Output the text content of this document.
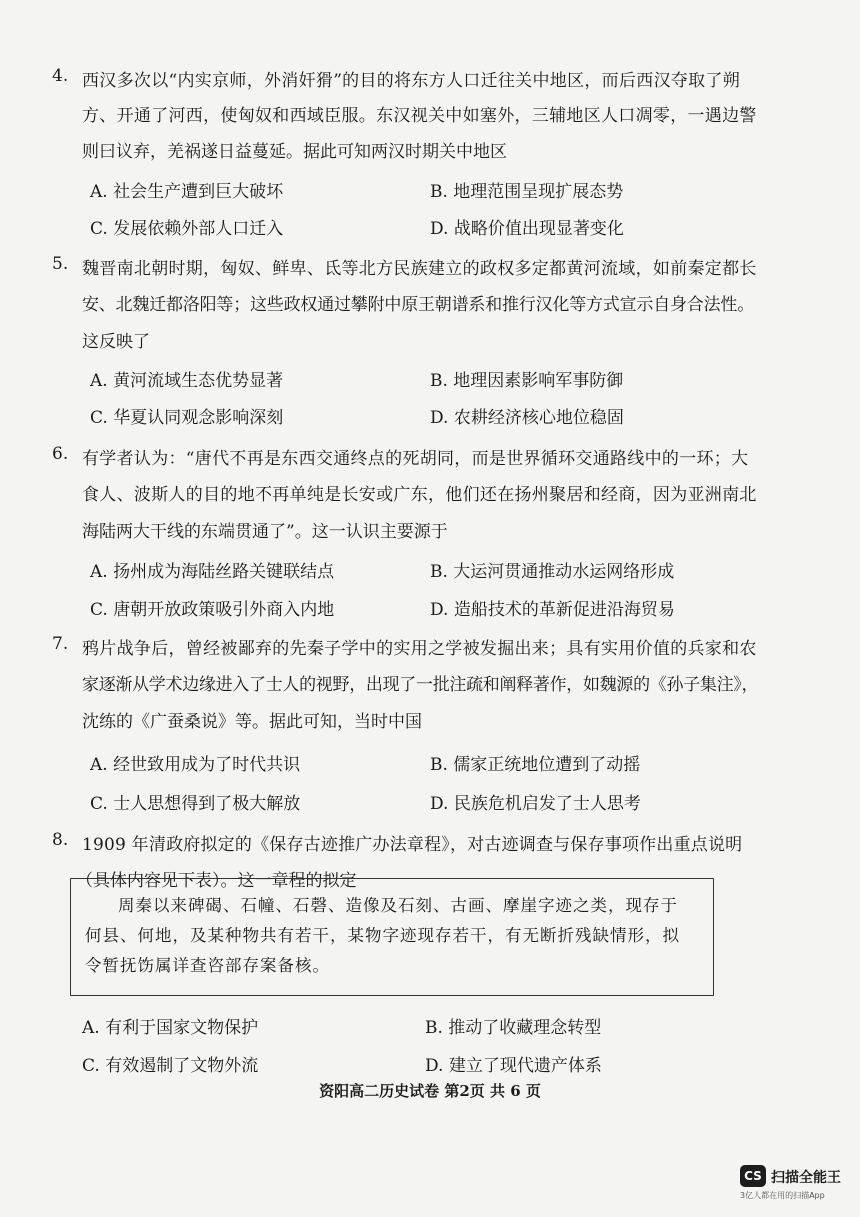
4. 西汉多次以“内实京师，外消奸猾”的目的将东方人口迁往关中地区，而后西汉夺取了朔
方、开通了河西，使匈奴和西域臣服。东汉视关中如塞外，三辅地区人口凋零，一遇边警
则曰议弃，羌祸遂日益蔓延。据此可知两汉时期关中地区
A. 社会生产遭到巨大破坏	B. 地理范围呈现扩展态势
C. 发展依赖外部人口迁入	D. 战略价值出现显著变化
5. 魏晋南北朝时期，匈奴、鲜卑、氐等北方民族建立的政权多定都黄河流域，如前秦定都长
安、北魏迁都洛阳等；这些政权通过攀附中原王朝谱系和推行汉化等方式宣示自身合法性。
这反映了
A. 黄河流域生态优势显著	B. 地理因素影响军事防御
C. 华夏认同观念影响深刻	D. 农耕经济核心地位稳固
6. 有学者认为：“唐代不再是东西交通终点的死胡同，而是世界循环交通路线中的一环；大
食人、波斯人的目的地不再单纯是长安或广东，他们还在扬州聚居和经商，因为亚洲南北
海陆两大干线的东端贯通了”。这一认识主要源于
A. 扬州成为海陆丝路关键联结点	B. 大运河贯通推动水运网络形成
C. 唐朝开放政策吸引外商入内地	D. 造船技术的革新促进沿海贸易
7. 鸦片战争后，曾经被鄙弃的先秦子学中的实用之学被发掘出来；具有实用价值的兵家和农
家逐渐从学术边缘进入了士人的视野，出现了一批注疏和阐释著作，如魏源的《孙子集注》，
沈练的《广蚕桑说》等。据此可知，当时中国
A. 经世致用成为了时代共识	B. 儒家正统地位遭到了动摇
C. 士人思想得到了极大解放	D. 民族危机启发了士人思考
8. 1909 年清政府拟定的《保存古迹推广办法章程》，对古迹调查与保存事项作出重点说明
（具体内容见下表）。这一章程的拟定

周秦以来碑碣、石幢、石磬、造像及石刻、古画、摩崖字迹之类，现存于

何县、何地，及某种物共有若干，某物字迹现存若干，有无断折残缺情形，拟

令暂抚饬属详查咨部存案备核。

A. 有利于国家文物保护	B. 推动了收藏理念转型
C. 有效遏制了文物外流	D. 建立了现代遗产体系
资阳高二历史试卷 第2页 共 6 页
CS 扫描全能王
3亿人都在用的扫描App
